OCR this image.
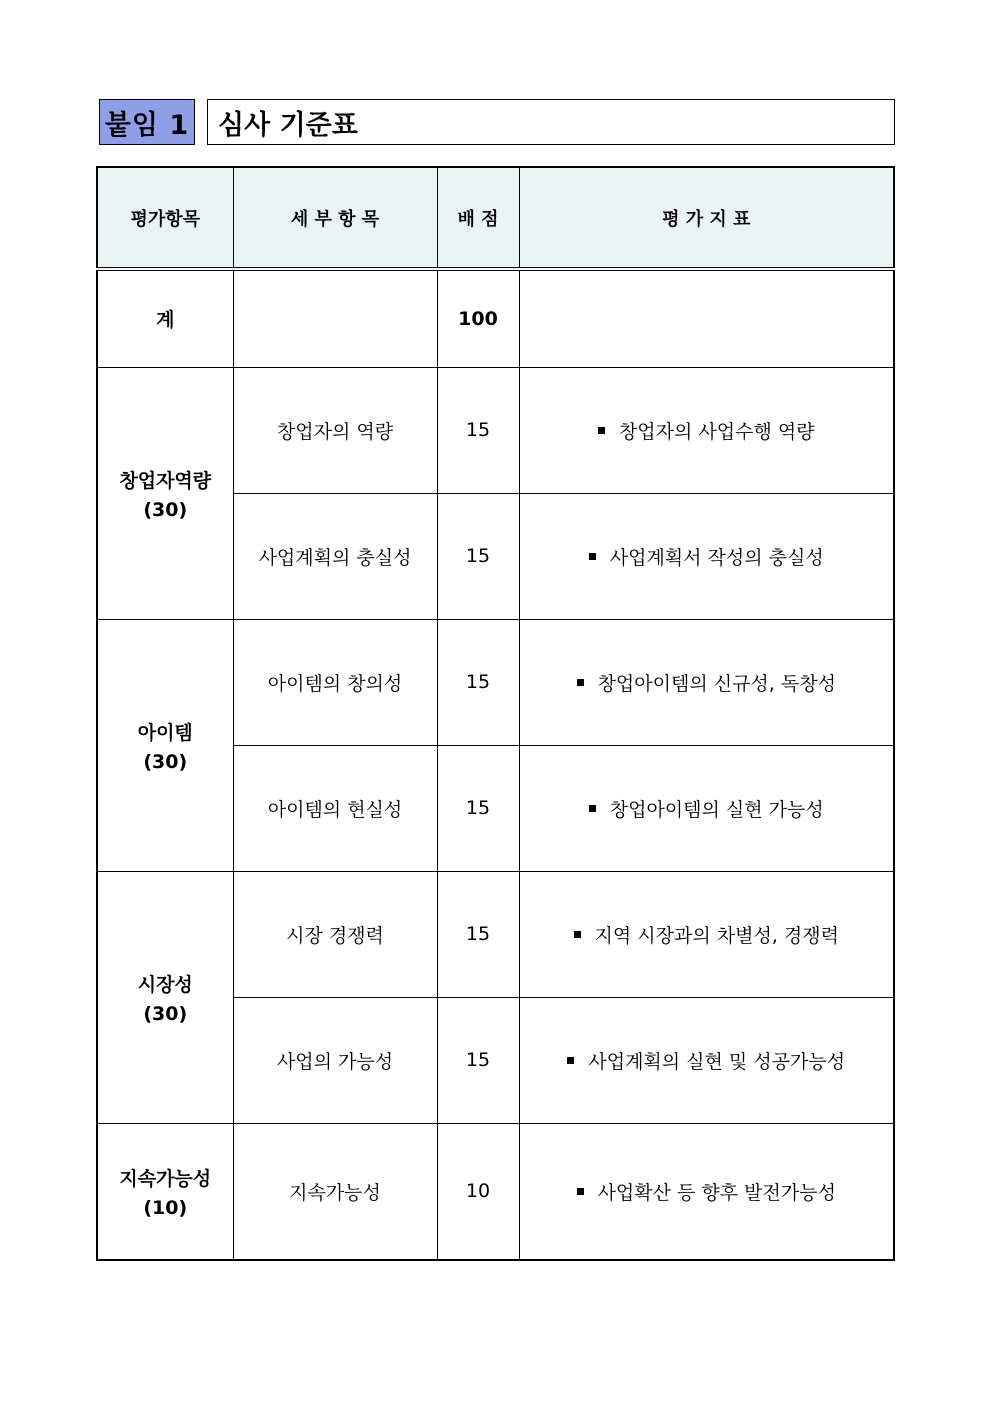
붙임 1	심사 기준표
평가항목	세 부 항 목	배 점	평 가 지 표
계		100	
창업자역량
(30)	창업자의 역량	15	창업자의 사업수행 역량
	사업계획의 충실성	15	사업계획서 작성의 충실성
아이템
(30)	아이템의 창의성	15	창업아이템의 신규성, 독창성
	아이템의 현실성	15	창업아이템의 실현 가능성
시장성
(30)	시장 경쟁력	15	지역 시장과의 차별성, 경쟁력
	사업의 가능성	15	사업계획의 실현 및 성공가능성
지속가능성
(10)	지속가능성	10	사업확산 등 향후 발전가능성
